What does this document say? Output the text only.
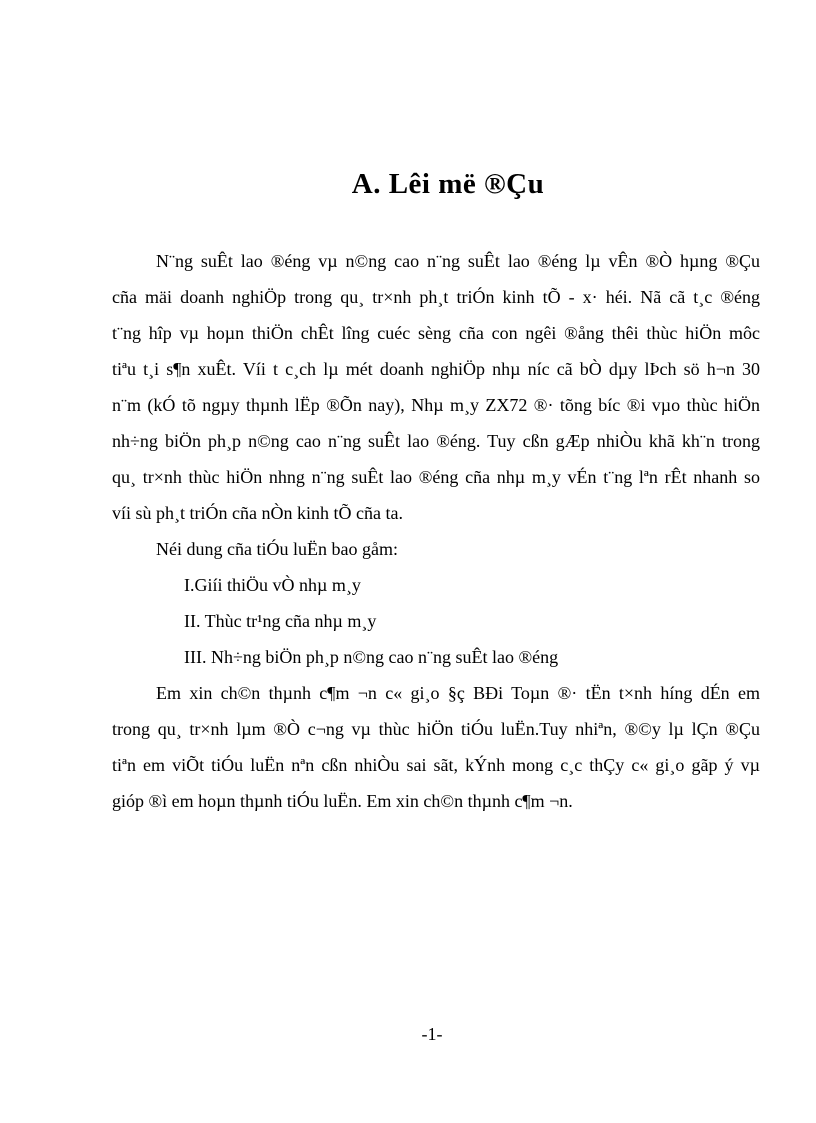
A. Lêi më ®Çu
N¨ng suÊt lao ®éng vµ n©ng cao n¨ng suÊt lao ®éng lµ vÊn ®Ò hµng ®Çu
cña mäi doanh nghiÖp trong qu¸ tr×nh ph¸t triÓn kinh tÕ - x· héi. Nã cã t¸c ®éng
t¨ng hîp vµ hoµn thiÖn chÊt lîng cuéc sèng cña con ngêi ®ång thêi thùc hiÖn môc
tiªu t¸i s¶n xuÊt. Víi t c¸ch lµ mét doanh nghiÖp nhµ níc cã bÒ dµy lÞch sö h¬n 30
n¨m (kÓ tõ ngµy thµnh lËp ®Õn nay), Nhµ m¸y ZX72 ®· tõng bíc ®i vµo thùc hiÖn
nh÷ng biÖn ph¸p n©ng cao n¨ng suÊt lao ®éng. Tuy cßn gÆp nhiÒu khã kh¨n trong
qu¸ tr×nh thùc hiÖn nhng n¨ng suÊt lao ®éng cña nhµ m¸y vÉn t¨ng lªn rÊt nhanh so
víi sù ph¸t triÓn cña nÒn kinh tÕ cña ta.
Néi dung cña tiÓu luËn bao gåm:
I.Giíi thiÖu vÒ nhµ m¸y
II. Thùc tr¹ng cña nhµ m¸y
III. Nh÷ng biÖn ph¸p n©ng cao n¨ng suÊt lao ®éng
Em xin ch©n thµnh c¶m ¬n c« gi¸o §ç BÐi Toµn ®· tËn t×nh híng dÉn em
trong qu¸ tr×nh lµm ®Ò c¬ng vµ thùc hiÖn tiÓu luËn.Tuy nhiªn, ®©y lµ lÇn ®Çu
tiªn em viÕt tiÓu luËn nªn cßn nhiÒu sai sãt, kÝnh mong c¸c thÇy c« gi¸o gãp ý vµ
gióp ®ì em hoµn thµnh tiÓu luËn. Em xin ch©n thµnh c¶m ¬n.
-1-
